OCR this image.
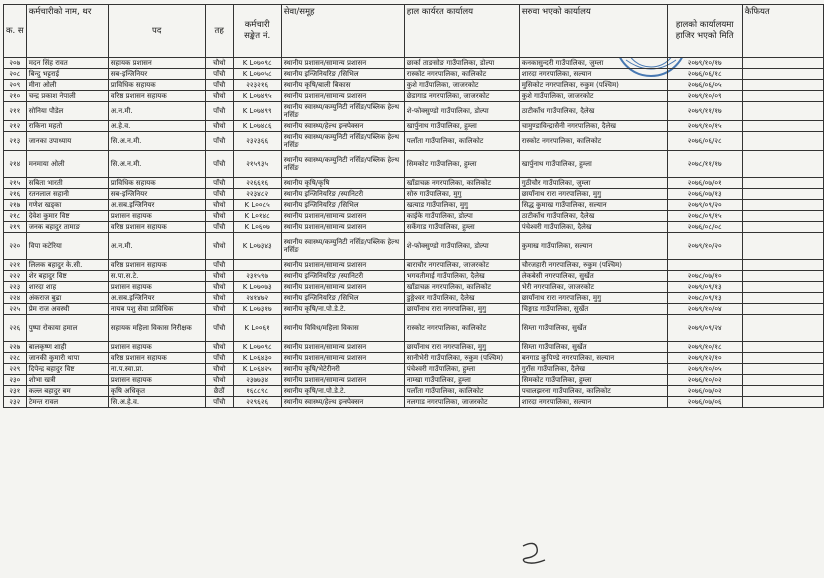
क. स	कर्मचारीको नाम, थर	पद	तह	कर्मचारी सङ्केत नं.	सेवा/समूह	हाल कार्यरत कार्यालय	सरुवा भएको कार्यालय	हालको कार्यालयमा हाजिर भएको मिति	कैफियत
२०७	मदन सिंह रावत	सहायक प्रशासन	चौथो	K L०७०९८	स्थानीय प्रशासन/सामान्य प्रशासन	छार्का ताङसोङ गाउँपालिका, डोल्पा	कनकासुन्दरी गाउँपालिका, जुम्ला	२०७९/१०/१७	
२०८	बिन्दु भट्टराई	सब-इन्जिनियर	पाँचौ	K L०७०५८	स्थानीय इन्जिनियरिङ /सिभिल	रास्कोट नगरपालिका, कालिकोट	शारदा नगरपालिका, सल्यान	२०७६/०६/१८	
२०९	मीना ओली	प्राविधिक सहायक	पाँचौ	२२३२१६	स्थानीय कृषि/बाली बिकास	कुशे गाउँपालिका, जाजरकोट	मुसिकोट नगरपालिका, रुकुम (पश्चिम)	२०७६/०६/०५	
२१०	चन्द्र प्रकाश नेपाली	वरिष्ठ प्रशासन सहायक	चौथो	K L०७४९५	स्थानीय प्रशासन/सामान्य प्रशासन	छेडागाड नगरपालिका, जाजरकोट	कुशे गाउँपालिका, जाजरकोट	२०७९/१०/०९	
२११	सोनिया पौडेल	अ.न.मी.	पाँचौ	K L०७४९९	स्थानीय स्वास्थ्य/कम्युनिटी नर्सिङ/पब्लिक हेल्थ नर्सिङ	शे-फोक्सुण्डो गाउँपालिका, डोल्पा	ठाटीकाँध गाउँपालिका, दैलेख	२०७९/११/१७	
२१२	राकिना महतो	अ.हे.व.	चौथो	K L०७४८६	स्थानीय स्वास्थ्य/हेल्थ इन्स्पेक्सन	खार्पुनाथ गाउँपालिका, हुम्ला	चामुण्डाविन्द्रासैनी नगरपालिका, दैलेख	२०७९/१०/१५	
२१३	जानका उपाध्याय	सि.अ.न.मी.	पाँचौ	२३२३६६	स्थानीय स्वास्थ्य/कम्युनिटी नर्सिङ/पब्लिक हेल्थ नर्सिङ	पलाँता गाउँपालिका, कालिकोट	रास्कोट नगरपालिका, कालिकोट	२०७६/०६/२८	
२१४	मनमाया ओली	सि.अ.न.मी.	पाँचौ	२१५९३५	स्थानीय स्वास्थ्य/कम्युनिटी नर्सिङ/पब्लिक हेल्थ नर्सिङ	सिमकोट गाउँपालिका, हुम्ला	खार्पुनाथ गाउँपालिका, हुम्ला	२०७८/११/१७	
२१५	सबिता भारती	प्राविधिक सहायक	पाँचौ	२२६६१६	स्थानीय कृषि/कृषि	खाँडाचक्र नगरपालिका, कालिकोट	गुठीचौर गाउँपालिका, जुम्ला	२०७६/०७/०१	
२१६	रतनलाल सहानी	सब-इन्जिनियर	पाँचौ	२२३४८२	स्थानीय इन्जिनियरिङ /स्यानिटरी	सोरु गाउँपालिका, मुगु	छायाँनाथ रारा नगरपालिका, मुगु	२०७६/०७/१३	
२१७	गणेश खड्का	अ.सब.इन्जिनियर	चौथो	K L००८५	स्थानीय इन्जिनियरिङ /सिभिल	खत्याड गाउँपालिका, मुगु	सिद्ध कुमाख गाउँपालिका, सल्यान	२०७९/०९/२०	
२१८	देवेश कुमार विष्ट	प्रशासन सहायक	चौथो	K L०१४८	स्थानीय प्रशासन/सामान्य प्रशासन	काईके गाउँपालिका, डोल्पा	ठाटीकाँध गाउँपालिका, दैलेख	२०७८/०९/१५	
२१९	जनक बहादुर तामाङ	वरिष्ठ प्रशासन सहायक	पाँचौ	K L०६०७	स्थानीय प्रशासन/सामान्य प्रशासन	सर्केगाड गाउँपालिका, हुम्ला	पंचेश्वरी गाउँपालिका, दैलेख	२०७६/०८/०८	
२२०	विपा कटेरिया	अ.न.मी.	चौथो	K L०७३४३	स्थानीय स्वास्थ्य/कम्युनिटी नर्सिङ/पब्लिक हेल्थ नर्सिङ	शे-फोक्सुण्डो गाउँपालिका, डोल्पा	कुमाख गाउँपालिका, सल्यान	२०७९/१०/२०	
२२१	लिलक बहादुर के.सी.	वरिष्ठ प्रशासन सहायक	पाँचौ		स्थानीय प्रशासन/सामान्य प्रशासन	बाराचौर नगरपालिका, जाजरकोट	चौरजहारी नगरपालिका, रुकुम (पश्चिम)		
२२२	शेर बहादुर विष्ट	स.पा.स.टे.	चौथो	२३१५९७	स्थानीय इन्जिनियरिङ /स्यानिटरी	भगवतीमाई गाउँपालिका, दैलेख	लेकबेसी नगरपालिका, सुर्खेत	२०७८/०७/१०	
२२३	शारदा शाह	प्रशासन सहायक	चौथो	K L०७०७३	स्थानीय प्रशासन/सामान्य प्रशासन	खाँडाचक्र नगरपालिका, कालिकोट	भेरी नगरपालिका, जाजरकोट	२०७९/०९/१३	
२२४	अंकराज बुढा	अ.सब.इन्जिनियर	चौथो	२४१४७२	स्थानीय इन्जिनियरिङ /सिभिल	डुङ्गेश्वर गाउँपालिका, दैलेख	छायाँनाथ रारा नगरपालिका, मुगु	२०७८/०९/१३	
२२५	प्रेम राज अवस्थी	नायब पशु सेवा प्राविधिक	चौथो	K L०७३१७	स्थानीय कृषि/ना.पो.डे.टे.	छायाँनाथ रारा नगरपालिका, मुगु	चिङ्गाड गाउँपालिका, सुर्खेत	२०७९/१०/०४	
२२६	पुष्पा रोकाया हमाल	सहायक महिला विकास निरीक्षक	पाँचौ	K L००६१	स्थानीय विविध/महिला विकास	रास्कोट नगरपालिका, कालिकोट	सिम्ता गाउँपालिका, सुर्खेत	२०७९/०९/२४	
२२७	बालकृष्ण शाही	प्रशासन सहायक	चौथो	K L०७०९८	स्थानीय प्रशासन/सामान्य प्रशासन	छायाँनाथ रारा नगरपालिका, मुगु	सिम्ता गाउँपालिका, सुर्खेत	२०७९/१०/१८	
२२८	जानकी कुमारी थापा	वरिष्ठ प्रशासन सहायक	पाँचौ	K L०६४३०	स्थानीय प्रशासन/सामान्य प्रशासन	सानीभेरी गाउँपालिका, रुकुम (पश्चिम)	बनगाड कुपिण्डे नगरपालिका, सल्यान	२०७९/१२/१०	
२२९	दिपेन्द्र बहादुर विष्ट	ना.प.स्वा.प्रा.	चौथो	K L०६४२५	स्थानीय कृषि/भेटेरीनरी	पंचेश्वरी गाउँपालिका, हुम्ला	गुराँस गाउँपालिका, दैलेख	२०७९/१०/०५	
२३०	शोभा खत्री	प्रशासन सहायक	चौथो	२३७७३४	स्थानीय प्रशासन/सामान्य प्रशासन	नाम्खा गाउँपालिका, हुम्ला	सिमकोट गाउँपालिका, हुम्ला	२०७६/१०/०२	
२३१	कल्ल बहादुर बम	कृषि अधिकृत	छैठौं	१६८८९८	स्थानीय कृषि/ना.पो.डे.टे.	पलाँता गाउँपालिका, कालिकोट	पचालझरना गाउँपालिका, कालिकोट	२०७६/०७/०२	
२३२	टेमन्त रावल	सि.अ.हे.व.	पाँचौ	२२९६२६	स्थानीय स्वास्थ्य/हेल्थ इन्स्पेक्सन	नलगाड नगरपालिका, जाजरकोट	शारदा नगरपालिका, सल्यान	२०७६/०७/०६	
